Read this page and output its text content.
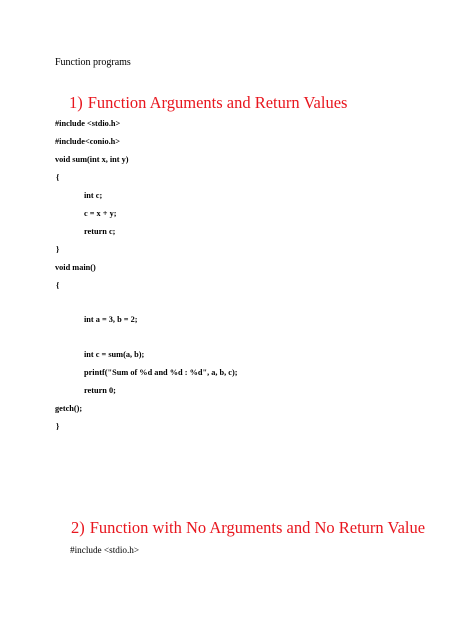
Function programs
1) Function Arguments and Return Values
#include <stdio.h>
#include<conio.h>
void sum(int x, int y)
{
int c;
c = x + y;
return c;
}
void main()
{
int a = 3, b = 2;
int c = sum(a, b);
printf("Sum of %d and %d : %d", a, b, c);
return 0;
getch();
}
2) Function with No Arguments and No Return Value
#include <stdio.h>
